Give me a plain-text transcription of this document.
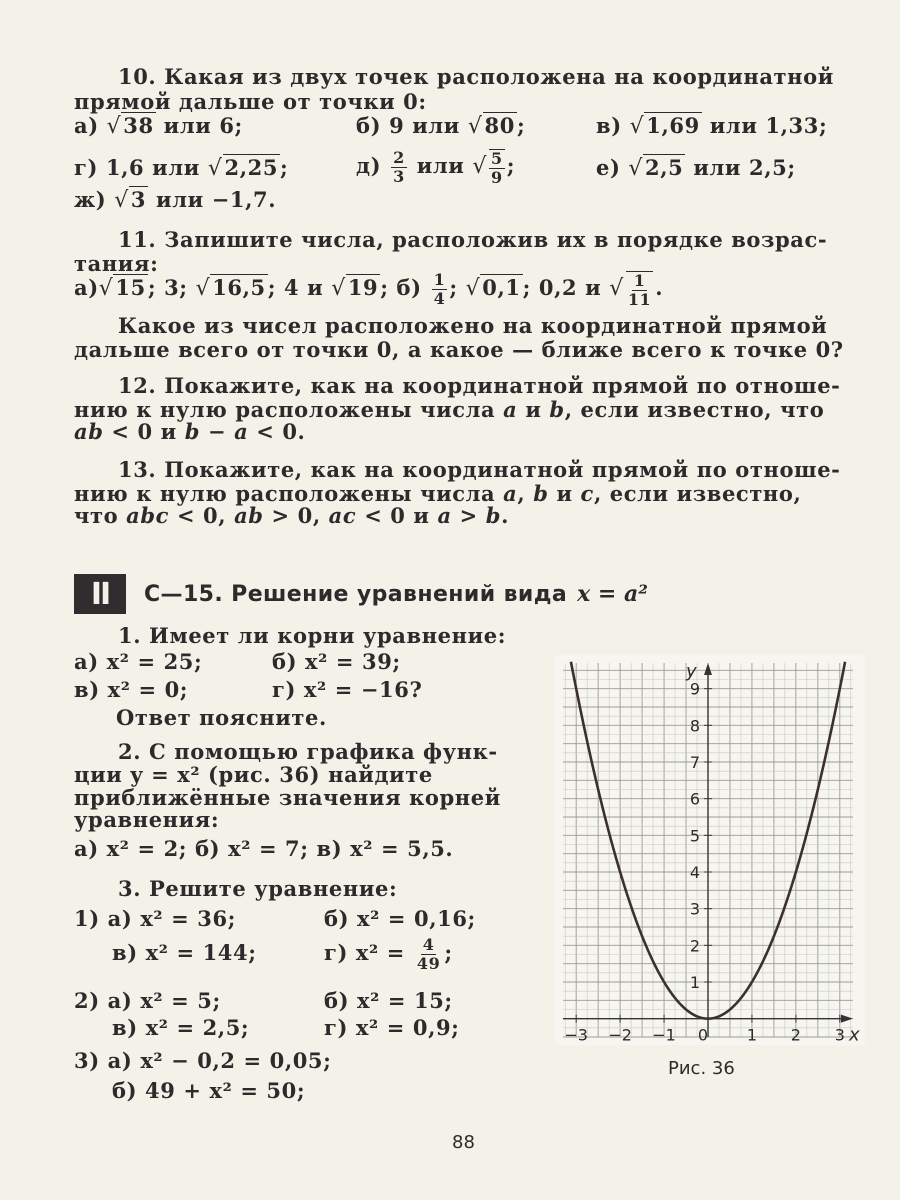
10. Какая из двух точек расположена на координатной
прямой дальше от точки 0:
а) √38 или 6;	б) 9 или √80;	в) √1,69 или 1,33;
г) 1,6 или √2,25;	$д) \frac{2}{3}$ или √ $\frac{5}{9}$ ;	е) √2,5 или 2,5;
ж) √3 или −1,7.
11. Запишите числа, расположив их в порядке возрас-
тания:
а)√15; 3; √16,5; 4 и √19; $б) \frac{1}{4}$ ; √0,1; 0,2 и √ $\frac{1}{11}$ .
Какое из чисел расположено на координатной прямой
дальше всего от точки 0, а какое — ближе всего к точке 0?
12. Покажите, как на координатной прямой по отноше-
нию к нулю расположены числа a и b, если известно, что
ab < 0 и b − a < 0.
13. Покажите, как на координатной прямой по отноше-
нию к нулю расположены числа a, b и c, если известно,
что abc < 0, ab > 0, ac < 0 и a > b.
II	С—15. Решение уравнений вида x = a²
1. Имеет ли корни уравнение:
а) x² = 25;	б) x² = 39;
в) x² = 0;	г) x² = −16?
Ответ поясните.
2. С помощью графика функ-
ции y = x² (рис. 36) найдите
приближённые значения корней
уравнения:
а) x² = 2; б) x² = 7; в) x² = 5,5.
3. Решите уравнение:
1) а) x² = 36;	б) x² = 0,16;
в) x² = 144;	г) $x^2 = \frac{4}{49}$ ;
2) а) x² = 5;	б) x² = 15;
в) x² = 2,5;	г) x² = 0,9;
3) а) x² − 0,2 = 0,05;
б) 49 + x² = 50;
−3 −2 −1 0 1 2 3
1
2
3
4
5
6
7
8
9
x
y
Рис. 36
88
